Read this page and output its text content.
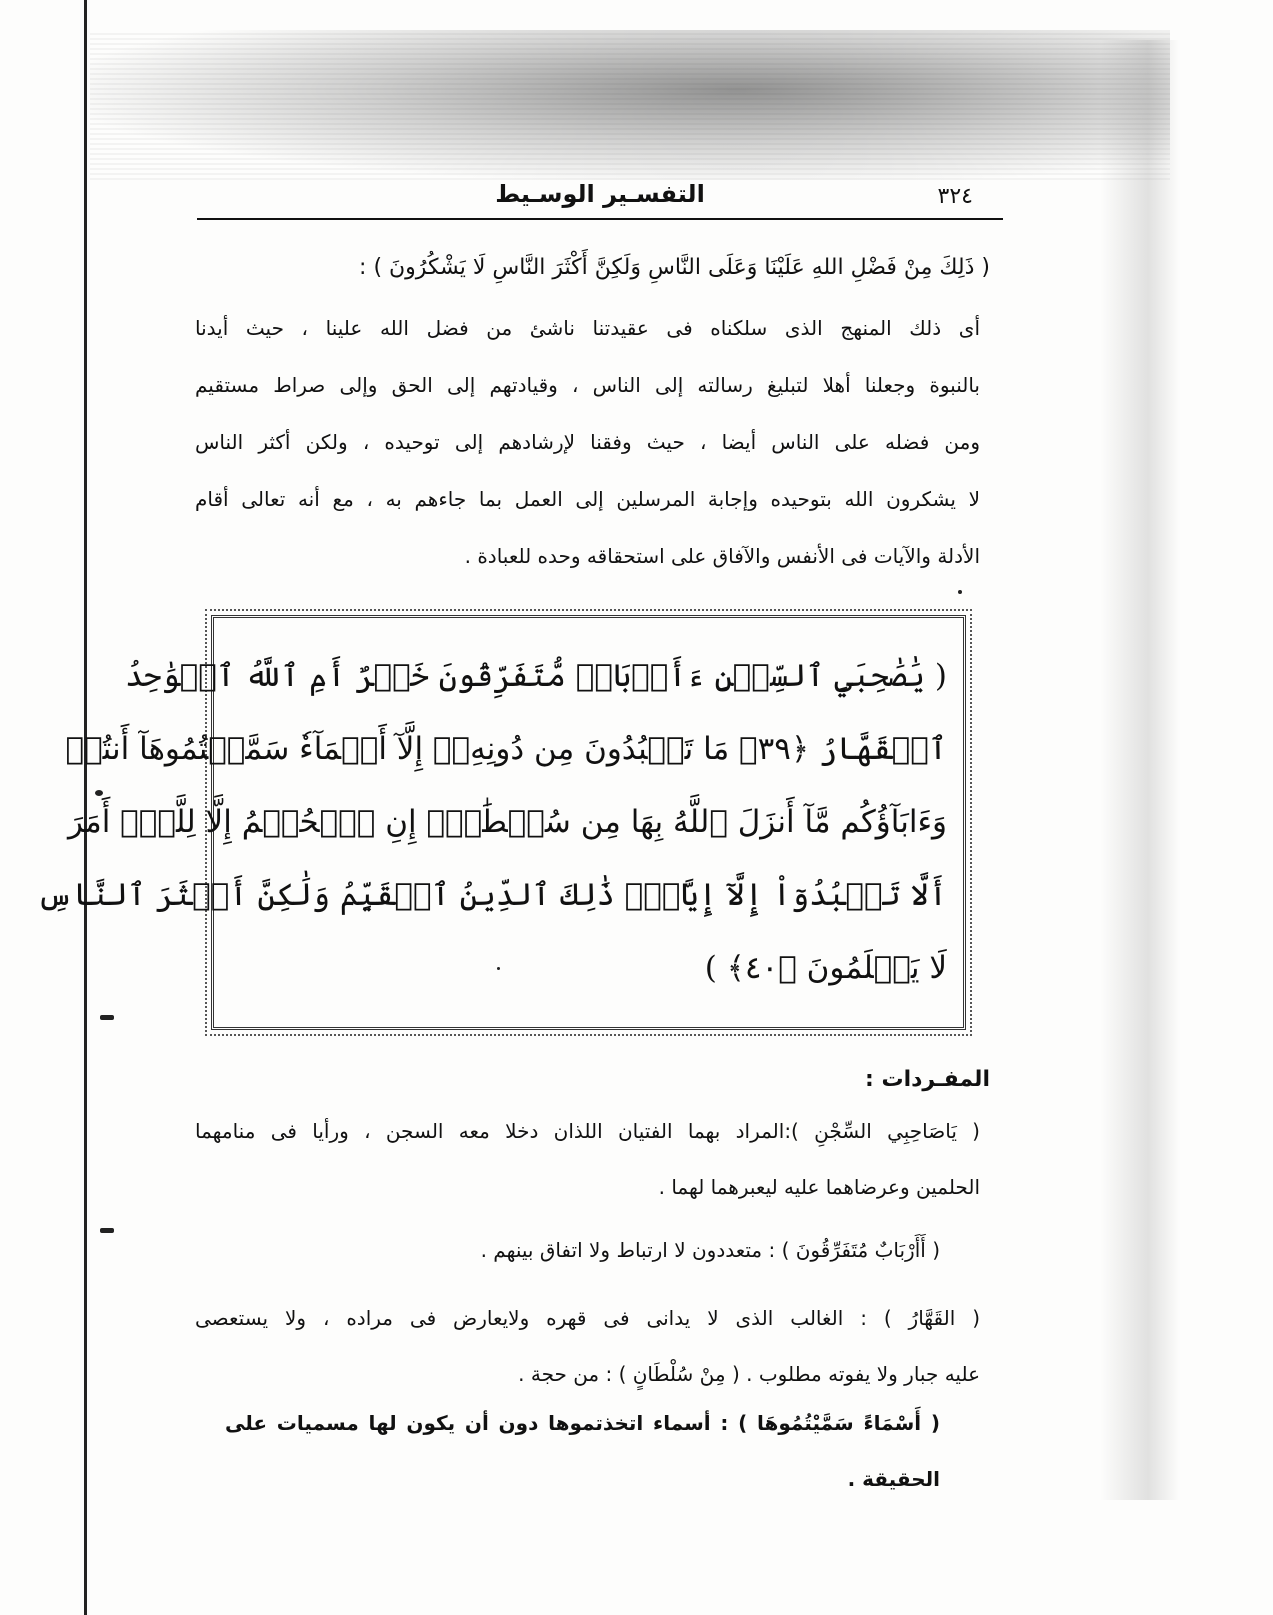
٣٢٤
التفسـير الوسـيط
( ذَلِكَ مِنْ فَضْلِ اللهِ عَلَيْنَا وَعَلَى النَّاسِ وَلَكِنَّ أَكْثَرَ النَّاسِ لَا يَشْكُرُونَ ) :
أى ذلك المنهج الذى سلكناه فى عقيدتنا ناشئ من فضل الله علينا ، حيث أيدنا
بالنبوة وجعلنا أهلا لتبليغ رسالته إلى الناس ، وقيادتهم إلى الحق وإلى صراط مستقيم
ومن فضله على الناس أيضا ، حيث وفقنا لإرشادهم إلى توحيده ، ولكن أكثر الناس
لا يشكرون الله بتوحيده وإجابة المرسلين إلى العمل بما جاءهم به ، مع أنه تعالى أقام
الأدلة والآيات فى الأنفس والآفاق على استحقاقه وحده للعبادة .
( يَٰصَٰحِبَيِ ٱلسِّجۡنِ ءَأَرۡبَابٞ مُّتَفَرِّقُونَ خَيۡرٌ أَمِ ٱللَّهُ ٱلۡوَٰحِدُ
ٱلۡقَهَّارُ ﴿٣٩﴾ مَا تَعۡبُدُونَ مِن دُونِهِۦٓ إِلَّآ أَسۡمَآءٗ سَمَّيۡتُمُوهَآ أَنتُمۡ
وَءَابَآؤُكُم مَّآ أَنزَلَ ٱللَّهُ بِهَا مِن سُلۡطَٰنٍۚ إِنِ ٱلۡحُكۡمُ إِلَّا لِلَّهِۚ أَمَرَ
أَلَّا تَعۡبُدُوٓاْ إِلَّآ إِيَّاهُۚ ذَٰلِكَ ٱلدِّينُ ٱلۡقَيِّمُ وَلَٰكِنَّ أَكۡثَرَ ٱلنَّاسِ
لَا يَعۡلَمُونَ ﴿٤٠﴾ )
المفـردات :
( يَاصَاحِبِي السِّجْنِ ):المراد بهما الفتيان اللذان دخلا معه السجن ، ورأيا فى منامهما
الحلمين وعرضاهما عليه ليعبرهما لهما .
( أَأَرْبَابٌ مُتَفَرِّقُونَ ) : متعددون لا ارتباط ولا اتفاق بينهم .
( القَهَّارُ ) : الغالب الذى لا يدانى فى قهره ولايعارض فى مراده ، ولا يستعصى
عليه جبار ولا يفوته مطلوب . ( مِنْ سُلْطَانٍ ) : من حجة .
( أَسْمَاءً سَمَّيْتُمُوهَا ) : أسماء اتخذتموها دون أن يكون لها مسميات على الحقيقة .
